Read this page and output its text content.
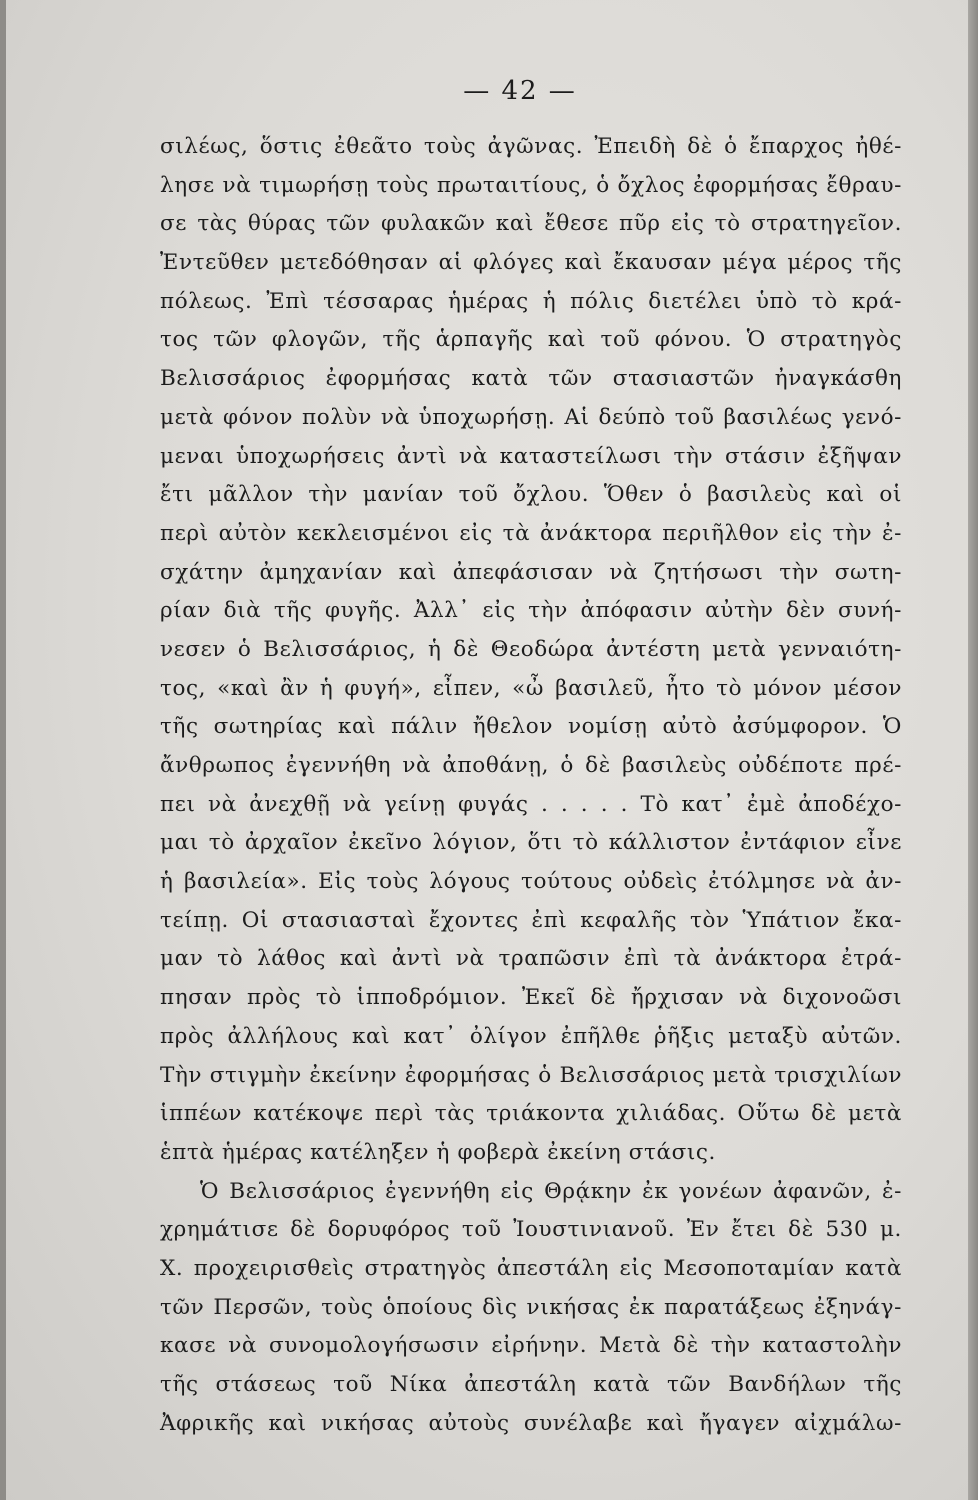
— 42 —
σιλέως, ὅστις ἐθεᾶτο τοὺς ἀγῶνας. Ἐπειδὴ δὲ ὁ ἔπαρχος ἠθέ-
λησε νὰ τιμωρήσῃ τοὺς πρωταιτίους, ὁ ὄχλος ἐφορμήσας ἔθραυ-
σε τὰς θύρας τῶν φυλακῶν καὶ ἔθεσε πῦρ εἰς τὸ στρατηγεῖον.
Ἐντεῦθεν μετεδόθησαν αἱ φλόγες καὶ ἔκαυσαν μέγα μέρος τῆς
πόλεως. Ἐπὶ τέσσαρας ἡμέρας ἡ πόλις διετέλει ὑπὸ τὸ κρά-
τος τῶν φλογῶν, τῆς ἁρπαγῆς καὶ τοῦ φόνου. Ὁ στρατηγὸς
Βελισσάριος ἐφορμήσας κατὰ τῶν στασιαστῶν ἠναγκάσθη
μετὰ φόνον πολὺν νὰ ὑποχωρήσῃ. Αἱ δεύπὸ τοῦ βασιλέως γενό-
μεναι ὑποχωρήσεις ἀντὶ νὰ καταστείλωσι τὴν στάσιν ἐξῆψαν
ἔτι μᾶλλον τὴν μανίαν τοῦ ὄχλου. Ὅθεν ὁ βασιλεὺς καὶ οἱ
περὶ αὐτὸν κεκλεισμένοι εἰς τὰ ἀνάκτορα περιῆλθον εἰς τὴν ἐ-
σχάτην ἀμηχανίαν καὶ ἀπεφάσισαν νὰ ζητήσωσι τὴν σωτη-
ρίαν διὰ τῆς φυγῆς. Ἀλλ᾽ εἰς τὴν ἀπόφασιν αὐτὴν δὲν συνή-
νεσεν ὁ Βελισσάριος, ἡ δὲ Θεοδώρα ἀντέστη μετὰ γενναιότη-
τος, «καὶ ἂν ἡ φυγή», εἶπεν, «ὦ βασιλεῦ, ἦτο τὸ μόνον μέσον
τῆς σωτηρίας καὶ πάλιν ἤθελον νομίσῃ αὐτὸ ἀσύμφορον. Ὁ
ἄνθρωπος ἐγεννήθη νὰ ἀποθάνῃ, ὁ δὲ βασιλεὺς οὐδέποτε πρέ-
πει νὰ ἀνεχθῇ νὰ γείνῃ φυγάς . . . . . Τὸ κατ᾽ ἐμὲ ἀποδέχο-
μαι τὸ ἀρχαῖον ἐκεῖνο λόγιον, ὅτι τὸ κάλλιστον ἐντάφιον εἶνε
ἡ βασιλεία». Εἰς τοὺς λόγους τούτους οὐδεὶς ἐτόλμησε νὰ ἀν-
τείπῃ. Οἱ στασιασταὶ ἔχοντες ἐπὶ κεφαλῆς τὸν Ὑπάτιον ἔκα-
μαν τὸ λάθος καὶ ἀντὶ νὰ τραπῶσιν ἐπὶ τὰ ἀνάκτορα ἐτρά-
πησαν πρὸς τὸ ἱπποδρόμιον. Ἐκεῖ δὲ ἤρχισαν νὰ διχονοῶσι
πρὸς ἀλλήλους καὶ κατ᾽ ὀλίγον ἐπῆλθε ῥῆξις μεταξὺ αὐτῶν.
Τὴν στιγμὴν ἐκείνην ἐφορμήσας ὁ Βελισσάριος μετὰ τρισχιλίων
ἱππέων κατέκοψε περὶ τὰς τριάκοντα χιλιάδας. Οὕτω δὲ μετὰ
ἑπτὰ ἡμέρας κατέληξεν ἡ φοβερὰ ἐκείνη στάσις.
Ὁ Βελισσάριος ἐγεννήθη εἰς Θρᾴκην ἐκ γονέων ἀφανῶν, ἐ-
χρημάτισε δὲ δορυφόρος τοῦ Ἰουστινιανοῦ. Ἐν ἔτει δὲ 530 μ.
Χ. προχειρισθεὶς στρατηγὸς ἀπεστάλη εἰς Μεσοποταμίαν κατὰ
τῶν Περσῶν, τοὺς ὁποίους δὶς νικήσας ἐκ παρατάξεως ἐξηνάγ-
κασε νὰ συνομολογήσωσιν εἰρήνην. Μετὰ δὲ τὴν καταστολὴν
τῆς στάσεως τοῦ Νίκα ἀπεστάλη κατὰ τῶν Βανδήλων τῆς
Ἀφρικῆς καὶ νικήσας αὐτοὺς συνέλαβε καὶ ἤγαγεν αἰχμάλω-
